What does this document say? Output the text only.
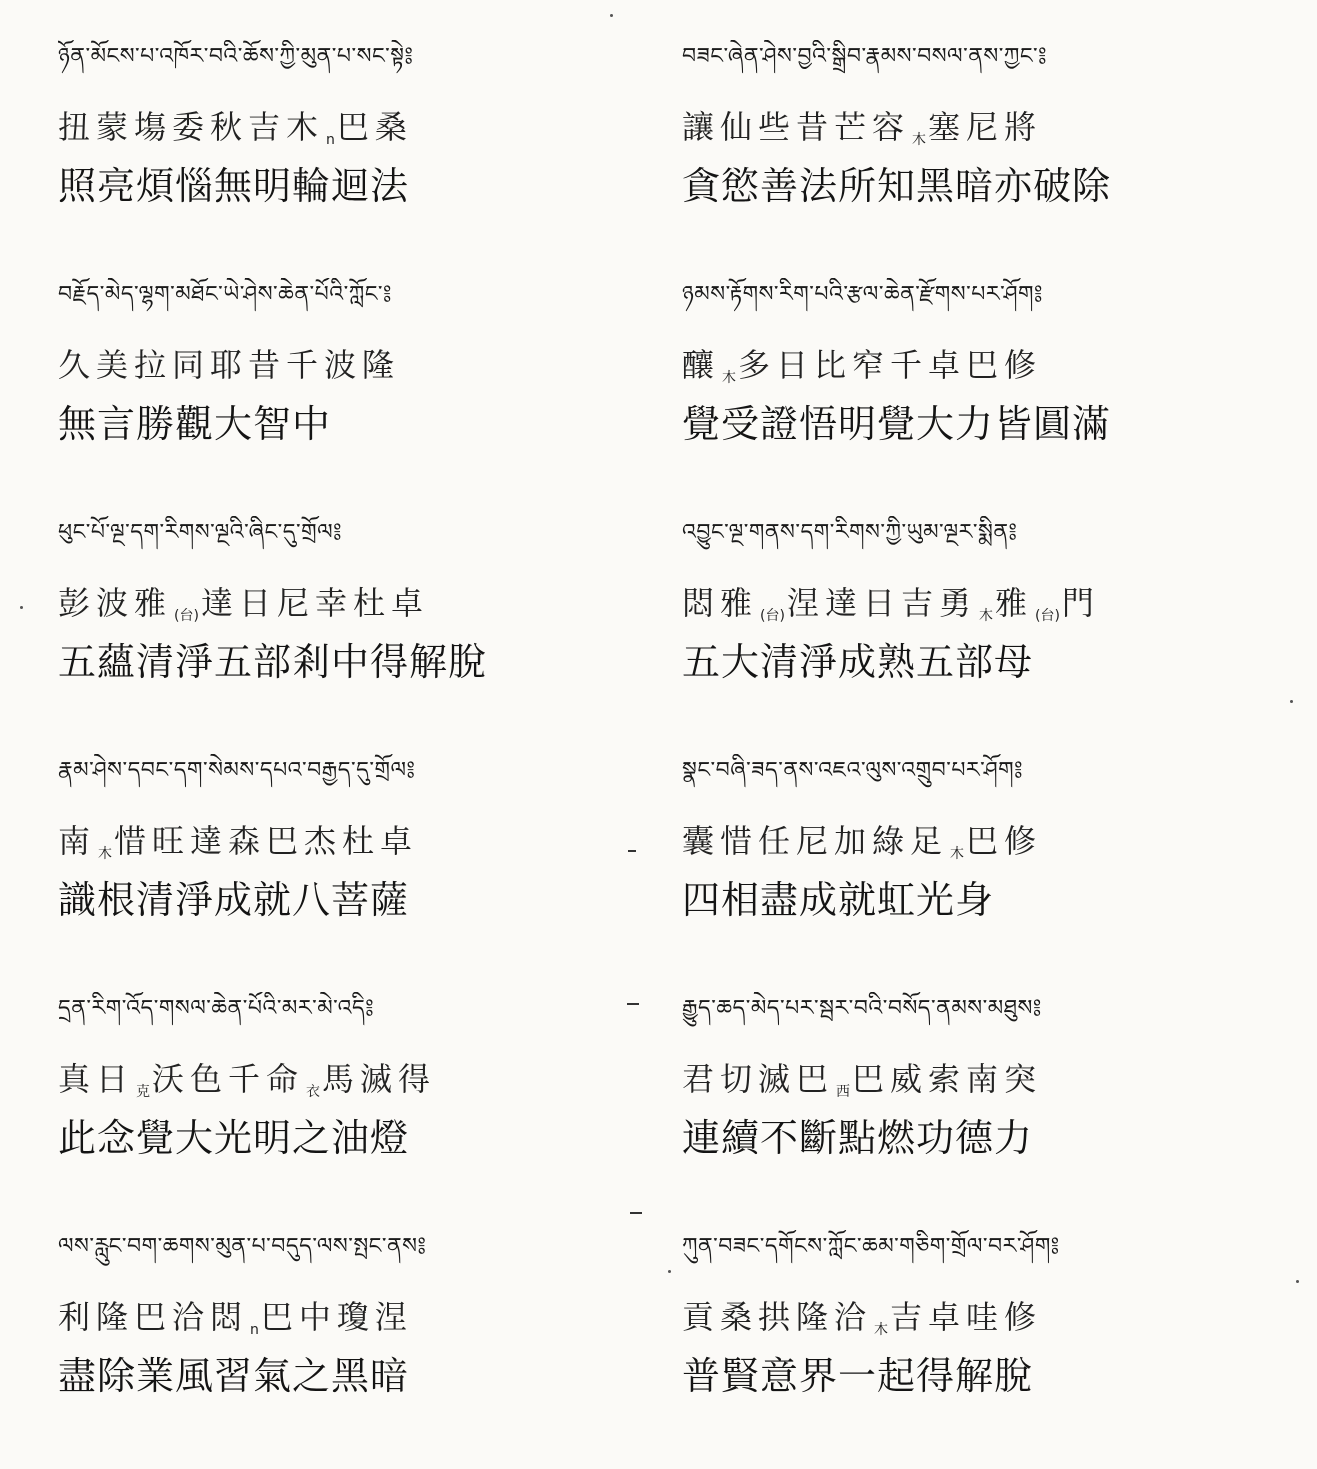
ཉོན་མོངས་པ་འཁོར་བའི་ཆོས་ཀྱི་མུན་པ་སང་སྟེ༔
扭蒙塲委秋吉木 $_n$巴桑
照亮煩惱無明輪迴法
བརྗོད་མེད་ལྷག་མཐོང་ཡེ་ཤེས་ཆེན་པོའི་ཀློང་༔
久美拉同耶昔千波隆
無言勝觀大智中
ཕུང་པོ་ལྔ་དག་རིགས་ལྔའི་ཞིང་དུ་གྲོལ༔
彭波雅 $_{(台)}$達日尼幸杜卓
五蘊清淨五部剎中得解脫
རྣམ་ཤེས་དབང་དག་སེམས་དཔའ་བརྒྱད་དུ་གྲོལ༔
南 $_木$惜旺達森巴杰杜卓
識根清淨成就八菩薩
དྲན་རིག་འོད་གསལ་ཆེན་པོའི་མར་མེ་འདི༔
真日 $_克$沃色千命 $_衣$馬滅得
此念覺大光明之油燈
ལས་རླུང་བག་ཆགས་མུན་པ་བདུད་ལས་སྤང་ནས༔
利隆巴洽悶 $_n$巴中瓊涅
盡除業風習氣之黑暗
བཟང་ཞེན་ཤེས་བྱའི་སྒྲིབ་རྣམས་བསལ་ནས་ཀྱང་༔
讓仙些昔芒容 $_木$塞尼將
貪慾善法所知黑暗亦破除
ཉམས་རྟོགས་རིག་པའི་རྩལ་ཆེན་རྫོགས་པར་ཤོག༔
釀 $_木$多日比窄千卓巴修
覺受證悟明覺大力皆圓滿
འབྱུང་ལྔ་གནས་དག་རིགས་ཀྱི་ཡུམ་ལྔར་སྨིན༔
悶雅 $_{(台)}$涅達日吉勇 $_木$雅 $_{(台)}$門
五大清淨成熟五部母
སྣང་བཞི་ཟད་ནས་འཇའ་ལུས་འགྲུབ་པར་ཤོག༔
囊惜任尼加綠足 $_木$巴修
四相盡成就虹光身
རྒྱུད་ཆད་མེད་པར་སྦར་བའི་བསོད་ནམས་མཐུས༔
君切滅巴 $_西$巴威索南突
連續不斷點燃功德力
ཀུན་བཟང་དགོངས་ཀློང་ཆམ་གཅིག་གྲོལ་བར་ཤོག༔
貢桑拱隆洽 $_木$吉卓哇修
普賢意界一起得解脫
